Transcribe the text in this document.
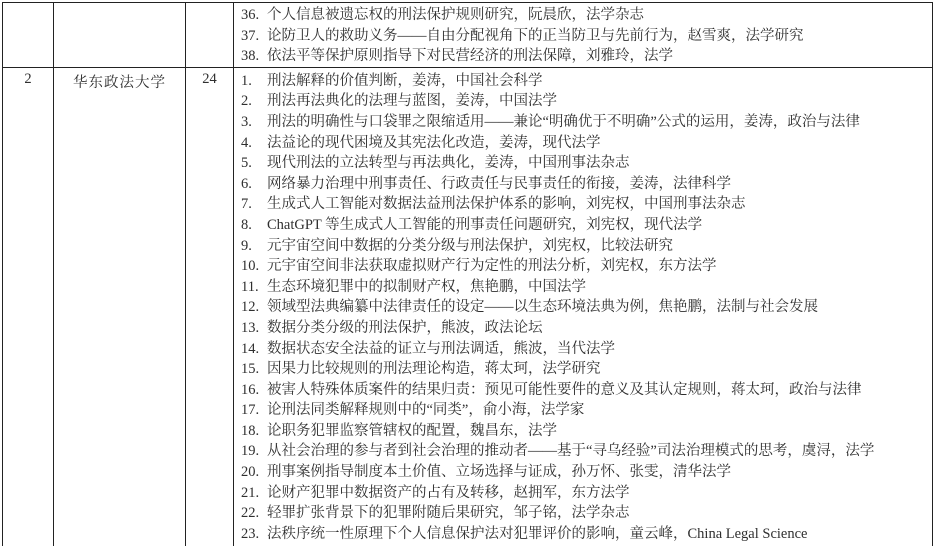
36. 个人信息被遗忘权的刑法保护规则研究，阮晨欣，法学杂志
37. 论防卫人的救助义务——自由分配视角下的正当防卫与先前行为，赵雪爽，法学研究
38. 依法平等保护原则指导下对民营经济的刑法保障，刘雅玲，法学

2	华东政法大学	24	1.	刑法解释的价值判断，姜涛，中国社会科学
2.	刑法再法典化的法理与蓝图，姜涛，中国法学
3.	刑法的明确性与口袋罪之限缩适用——兼论“明确优于不明确”公式的运用，姜涛，政治与法律
4.	法益论的现代困境及其宪法化改造，姜涛，现代法学
5.	现代刑法的立法转型与再法典化，姜涛，中国刑事法杂志
6.	网络暴力治理中刑事责任、行政责任与民事责任的衔接，姜涛，法律科学
7.	生成式人工智能对数据法益刑法保护体系的影响，刘宪权，中国刑事法杂志
8.	ChatGPT 等生成式人工智能的刑事责任问题研究，刘宪权，现代法学
9.	元宇宙空间中数据的分类分级与刑法保护，刘宪权，比较法研究
10. 元宇宙空间非法获取虚拟财产行为定性的刑法分析，刘宪权，东方法学
11. 生态环境犯罪中的拟制财产权，焦艳鹏，中国法学
12. 领域型法典编纂中法律责任的设定——以生态环境法典为例，焦艳鹏，法制与社会发展
13. 数据分类分级的刑法保护，熊波，政法论坛
14. 数据状态安全法益的证立与刑法调适，熊波，当代法学
15. 因果力比较规则的刑法理论构造，蒋太珂，法学研究
16. 被害人特殊体质案件的结果归责：预见可能性要件的意义及其认定规则，蒋太珂，政治与法律
17. 论刑法同类解释规则中的“同类”，俞小海，法学家
18. 论职务犯罪监察管辖权的配置，魏昌东，法学
19. 从社会治理的参与者到社会治理的推动者——基于“寻乌经验”司法治理模式的思考，虞浔，法学
20. 刑事案例指导制度本土价值、立场选择与证成，孙万怀、张雯，清华法学
21. 论财产犯罪中数据资产的占有及转移，赵拥军，东方法学
22. 轻罪扩张背景下的犯罪附随后果研究，邹子铭，法学杂志
23. 法秩序统一性原理下个人信息保护法对犯罪评价的影响，童云峰，China Legal Science
